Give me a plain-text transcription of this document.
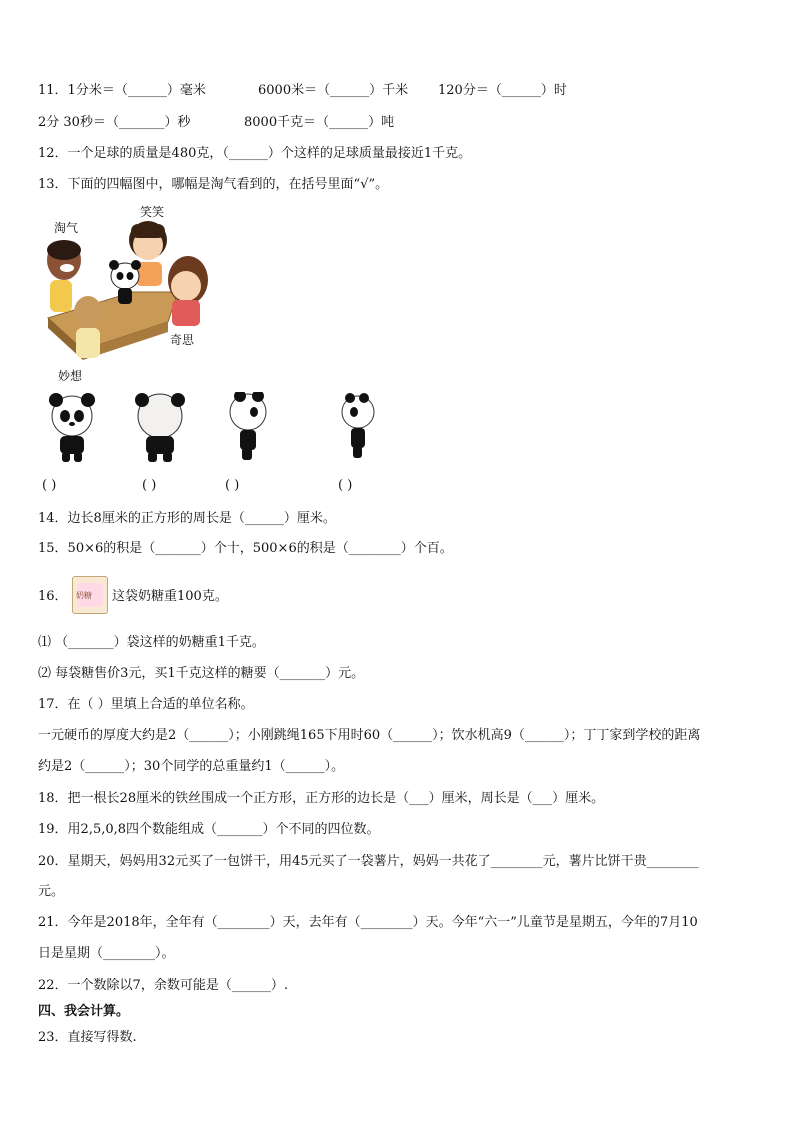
11．1分米＝（______）毫米	6000米＝（______）千米 120分＝（______）时
2分 30秒＝（_______）秒	8000千克＝（______）吨
12．一个足球的质量是480克，（______）个这样的足球质量最接近1千克。
13．下面的四幅图中，哪幅是淘气看到的，在括号里面“√”。
淘气
笑笑
奇思
妙想
( )	( )	( )	( )
14．边长8厘米的正方形的周长是（______）厘米。
15．50×6的积是（_______）个十，500×6的积是（________）个百。
16． 奶糖 这袋奶糖重100克。
⑴ （_______）袋这样的奶糖重1千克。
⑵ 每袋糖售价3元，买1千克这样的糖要（_______）元。
17．在（ ）里填上合适的单位名称。
一元硬币的厚度大约是2（______）；小刚跳绳165下用时60（______）；饮水机高9（______）；丁丁家到学校的距离
约是2（______）；30个同学的总重量约1（______）。
18．把一根长28厘米的铁丝围成一个正方形，正方形的边长是（___）厘米，周长是（___）厘米。
19．用2,5,0,8四个数能组成（_______）个不同的四位数。
20．星期天，妈妈用32元买了一包饼干，用45元买了一袋薯片，妈妈一共花了________元，薯片比饼干贵________
元。
21．今年是2018年，全年有（________）天，去年有（________）天。今年“六一”儿童节是星期五，今年的7月10
日是星期（________）。
22．一个数除以7，余数可能是（______）.
四、我会计算。
23．直接写得数.
